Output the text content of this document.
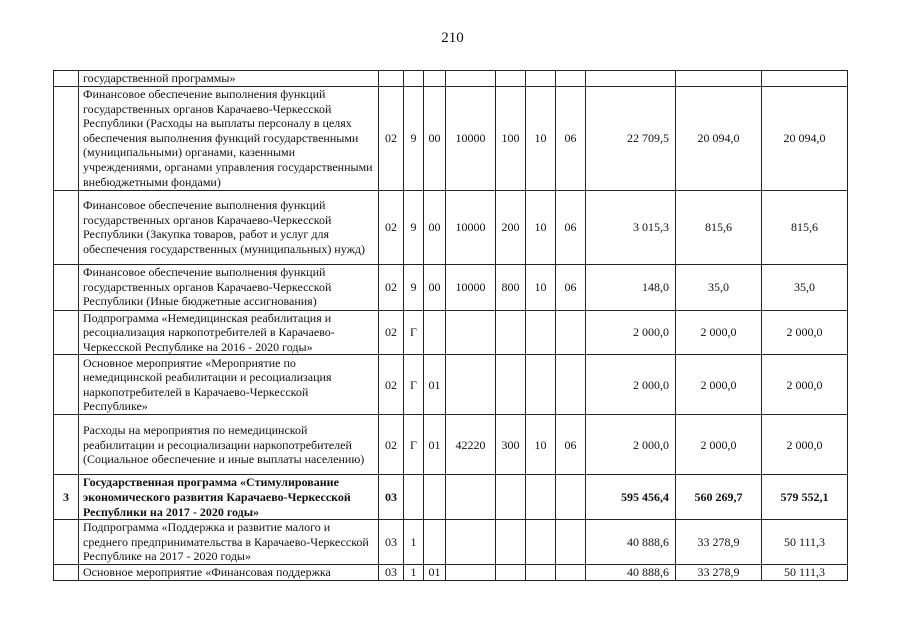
210
	государственной программы»										
	Финансовое обеспечение выполнения функций государственных органов Карачаево-Черкесской Республики (Расходы на выплаты персоналу в целях обеспечения выполнения функций государственными (муниципальными) органами, казенными учреждениями, органами управления государственными внебюджетными фондами)	02	9	00	10000	100	10	06	22 709,5	20 094,0	20 094,0
	Финансовое обеспечение выполнения функций государственных органов Карачаево-Черкесской Республики (Закупка товаров, работ и услуг для обеспечения государственных (муниципальных) нужд)	02	9	00	10000	200	10	06	3 015,3	815,6	815,6
	Финансовое обеспечение выполнения функций государственных органов Карачаево-Черкесской Республики (Иные бюджетные ассигнования)	02	9	00	10000	800	10	06	148,0	35,0	35,0
	Подпрограмма «Немедицинская реабилитация и ресоциализация наркопотребителей в Карачаево-Черкесской Республике на 2016 - 2020 годы»	02	Г						2 000,0	2 000,0	2 000,0
	Основное мероприятие «Мероприятие по немедицинской реабилитации и ресоциализация наркопотребителей в Карачаево-Черкесской Республике»	02	Г	01					2 000,0	2 000,0	2 000,0
	Расходы на мероприятия по немедицинской реабилитации и ресоциализации наркопотребителей (Социальное обеспечение и иные выплаты населению)	02	Г	01	42220	300	10	06	2 000,0	2 000,0	2 000,0
3	Государственная программа «Стимулирование экономического развития Карачаево-Черкесской Республики на 2017 - 2020 годы»	03							595 456,4	560 269,7	579 552,1
	Подпрограмма «Поддержка и развитие малого и среднего предпринимательства в Карачаево-Черкесской Республике на 2017 - 2020 годы»	03	1						40 888,6	33 278,9	50 111,3
	Основное мероприятие «Финансовая поддержка	03	1	01					40 888,6	33 278,9	50 111,3
